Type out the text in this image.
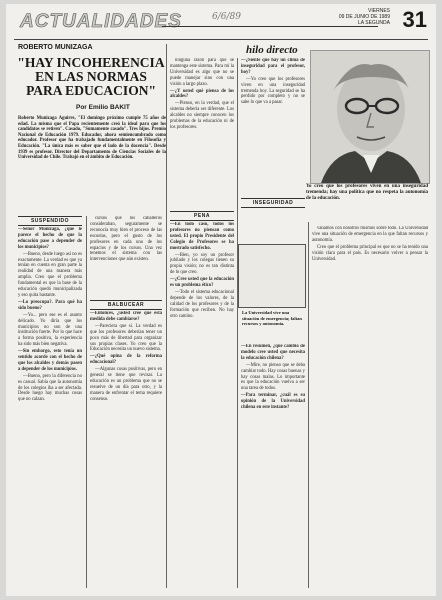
ACTUALIDADES	6/6/89
VIERNES
09 DE JUNIO DE 1989
LA SEGUNDA 31
ROBERTO MUNIZAGA
"HAY INCOHERENCIA EN LAS NORMAS PARA EDUCACION"
Por Emilio BAKIT
Roberto Munizaga Aguirre, "El domingo próximo cumple 75 años de edad. La misma que el Papa recientemente creó la ideal para que los candidatos se retiren". Casado, "Sumamente casado". Tres hijos. Premio Nacional de Educación 1979. Educador, ahora semiencumbrado como educador. Profesor que ha trabajado fundamentalmente en Filosofía y Educación. "La única más es saber que el lado de la docencia". Desde 1939 es profesor. Director del Departamento de Ciencias Sociales de la Universidad de Chile. Trabajó en el ámbito de Educación.
hilo directo
SUSPENDIDO

—Señor Munizaga, ¿qué le parece el hecho de que la educación pase a depender de los municipios?

—Bueno, desde luego así no es exactamente. La verdad es que ya tenían en cuenta en gran parte la realidad de una manera más amplia. Creo que el problema fundamental es que la base de la educación quedó municipalizada y eso quita bastante.

—Lo preocupa?. Para qué ha sido bueno?

—Yo... pero ese es el asunto delicado. Yo diría que los municipios no son de una institución fuerte. Por lo que hace a forma positiva, la experiencia ha sido más bien negativa.

—Sin embargo, esto tenía un sentido acorde con el hecho de que los alcaldes y demás pasen a depender de los municipios.

—Bueno, pero la diferencia no es casual. Sabía que la autonomía de los colegios iba a ser afectada. Desde luego hay muchas cosas que no calzan.

cursos que los caballeros consideraban, seguramente se reconocía muy bien el proceso de las escuelas, pero el gusto de los profesores en cada uno de los espacios y de los cursos. Una vez tenemos el sistema con las intervenciones que aún existen.

BALBUCEAR

—Entonces, ¿usted cree que esta medida debe cambiarse?

—Pareciera que sí. La verdad es que los profesores deberían tener un poco más de libertad para organizar sus propias clases. Yo creo que la Educación necesita un nuevo sistema.

—¿Qué opina de la reforma educacional?

—Algunas cosas positivas, pero en general se tiene que revisar. La educación es un problema que no se resuelve de un día para otro, y la manera de enfrentar el tema requiere consenso.

ninguna razón para que se mantenga este sistema. Para mí la Universidad es algo que no se puede manejar sino con una visión a largo plazo.

—¿Y usted qué piensa de los alcaldes?

—Pienso, en la verdad, que el sistema debería ser diferente. Los alcaldes no siempre conocen los problemas de la educación ni de los profesores.

PENA

—En todo caso, todos los profesores no piensan como usted. El propio Presidente del Colegio de Profesores se ha mostrado satisfecho.

—Bien, yo soy un profesor jubilado y los colegas tienen su propia visión; no es tan distinta de lo que creo.

—¿Cree usted que la educación es un problema ético?

—Todo el sistema educacional depende de los valores, de la calidad de los profesores y de la formación que reciben. No hay otro camino.

—¿Siente que hay un clima de inseguridad para el profesor, hoy?

—Yo creo que los profesores viven en una inseguridad tremenda hoy. La seguridad se ha perdido por completo y no se sabe lo que va a pasar.

INSEGURIDAD
La Universidad vive una situación de emergencia; faltan recursos y autonomía.

—En resumen, ¿qué cambio de modelo cree usted que necesita la educación chilena?

—Mire, no pienso que se deba cambiar todo. Hay cosas buenas y hay cosas malas. Lo importante es que la educación vuelva a ser una tarea de todos.

—Para terminar, ¿cuál es su opinión de la Universidad chilena en este instante?

Yo creo que los profesores viven en una inseguridad tremenda; hay una política que no respeta la autonomía de la educación.

vanamos con nosotros mismos sobre todo. La Universidad vive una situación de emergencia en la que faltan recursos y autonomía.

Creo que el problema principal es que no se ha tenido una visión clara para el país. Es necesario volver a pensar la Universidad.
